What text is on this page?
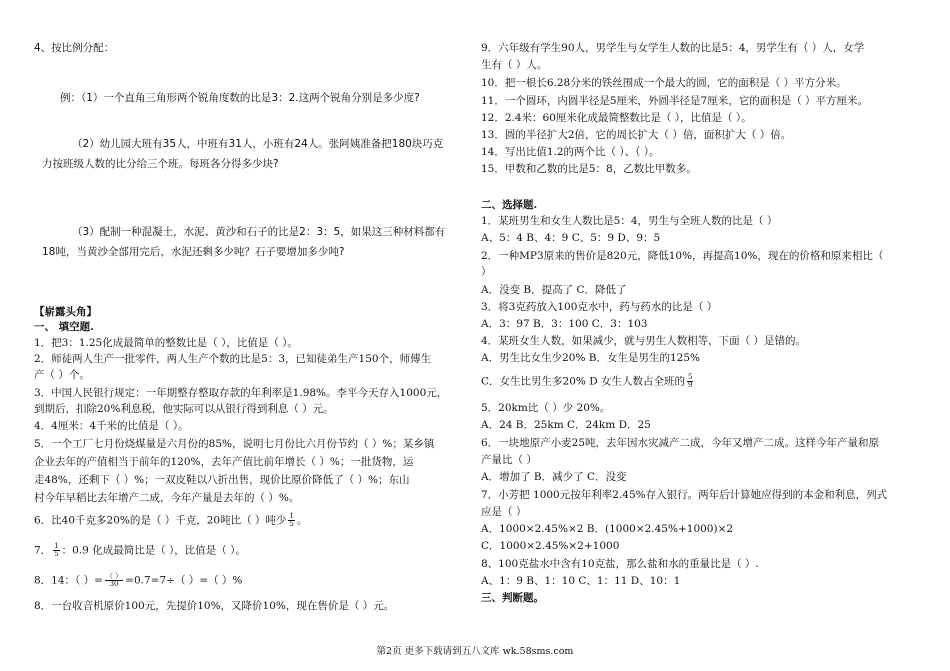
4、按比例分配：
例：（1）一个直角三角形两个锐角度数的比是3：2.这两个锐角分别是多少度?
（2）幼儿园大班有35人，中班有31人，小班有24人。张阿姨准备把180块巧克
力按班级人数的比分给三个班。每班各分得多少块?
（3）配制一种混凝土，水泥、黄沙和石子的比是2：3：5，如果这三种材料都有
18吨，当黄沙全部用完后，水泥还剩多少吨？石子要增加多少吨?
【崭露头角】
一、 填空题.
1．把3：1.25化成最简单的整数比是（ ），比值是（ ）。
2．师徒两人生产一批零件，两人生产个数的比是5：3，已知徒弟生产150个，师傅生
产（ ）个。
3．中国人民银行规定：一年期整存整取存款的年利率是1.98%。李平今天存入1000元，
到期后，扣除20%利息税，他实际可以从银行得到利息（ ）元。
4．4厘米：4千米的比值是（ ）。
5．一个工厂七月份烧煤量是六月份的85%，说明七月份比六月份节约（ ）%；某乡镇
企业去年的产值相当于前年的120%，去年产值比前年增长（ ）%；一批货物，运
走48%，还剩下（ ）%；一双皮鞋以八折出售，现价比原价降低了（ ）%；东山
村今年早稻比去年增产二成，今年产量是去年的（ ）%。
6．比40千克多20%的是（ ）千克，20吨比（ ）吨少 $\frac{1}{5}$ 。
7． $\frac{1}{5}$ ：0.9 化成最简比是（ ），比值是（ ）。
8．14：（ ）= $\frac{( )}{30} =0.7=7\div$（ ）=（ ）%
8．一台收音机原价100元，先提价10%，又降价10%，现在售价是（ ）元。
9．六年级有学生90人，男学生与女学生人数的比是5：4，男学生有（ ）人，女学
生有（ ）人。
10．把一根长6.28分米的铁丝围成一个最大的圆，它的面积是（ ）平方分米。
11．一个圆环，内圆半径是5厘米，外圆半径是7厘米，它的面积是（ ）平方厘米。
12．2.4米：60厘米化成最简整数比是（ ），比值是（ ）。
13．圆的半径扩大2倍，它的周长扩大（ ）倍，面积扩大（ ）倍。
14．写出比值1.2的两个比（ ）、（ ）。
15．甲数和乙数的比是5：8，乙数比甲数多。
二、选择题.
1．某班男生和女生人数比是5：4，男生与全班人数的比是（ ）
A、5：4 B、4：9 C、5：9 D、9：5
2．一种MP3原来的售价是820元，降低10%，再提高10%，现在的价格和原来相比（
）
A．没变 B．提高了 C．降低了
3．将3克药放入100克水中，药与药水的比是（ ）
A．3：97 B．3：100 C．3：103
4．某班女生人数，如果减少，就与男生人数相等，下面（ ）是错的。
A．男生比女生少20% B．女生是男生的125%
C．女生比男生多20% D 女生人数占全班的 $\frac{5}{9}$
5．20km比（ ）少 20%。
A．24 B．25km C．24km D．25
6．一块地原产小麦25吨，去年因水灾减产二成，今年又增产二成。这样今年产量和原
产量比（ ）
A．增加了 B．减少了 C．没变
7．小芳把 1000元按年利率2.45%存入银行。两年后计算她应得到的本金和利息，列式
应是（ ）
A．1000×2.45%×2 B．(1000×2.45%+1000)×2
C．1000×2.45%×2+1000
8、100克盐水中含有10克盐，那么盐和水的重量比是（ ）.
A、1：9 B、1：10 C、1：11 D、10：1
三、判断题。
第2页 更多下载请到五八文库 wk.58sms.com
